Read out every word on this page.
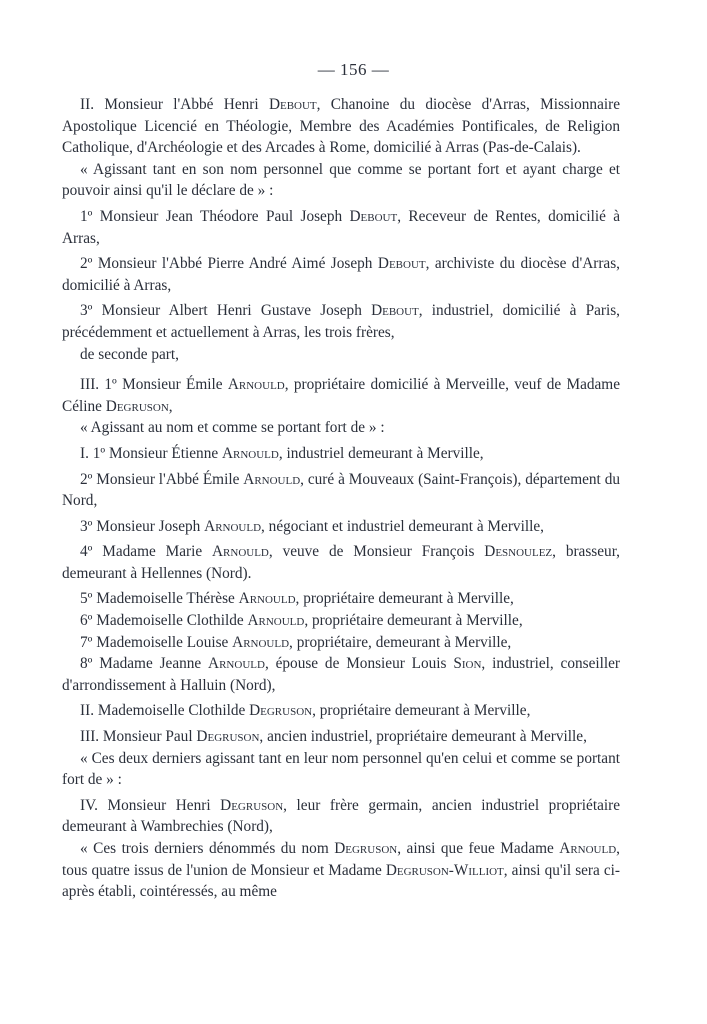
— 156 —

II. Monsieur l'Abbé Henri Debout, Chanoine du diocèse d'Arras, Missionnaire Apostolique Licencié en Théologie, Membre des Académies Pontificales, de Religion Catholique, d'Archéologie et des Arcades à Rome, domicilié à Arras (Pas-de-Calais).

« Agissant tant en son nom personnel que comme se portant fort et ayant charge et pouvoir ainsi qu'il le déclare de » :

1º Monsieur Jean Théodore Paul Joseph Debout, Receveur de Rentes, domicilié à Arras,

2º Monsieur l'Abbé Pierre André Aimé Joseph Debout, archiviste du diocèse d'Arras, domicilié à Arras,

3º Monsieur Albert Henri Gustave Joseph Debout, industriel, domicilié à Paris, précédemment et actuellement à Arras, les trois frères,

de seconde part,

III. 1º Monsieur Émile Arnould, propriétaire domicilié à Merveille, veuf de Madame Céline Degruson,

« Agissant au nom et comme se portant fort de » :

I. 1º Monsieur Étienne Arnould, industriel demeurant à Merville,

2º Monsieur l'Abbé Émile Arnould, curé à Mouveaux (Saint-François), département du Nord,

3º Monsieur Joseph Arnould, négociant et industriel demeurant à Merville,

4º Madame Marie Arnould, veuve de Monsieur François Desnoulez, brasseur, demeurant à Hellennes (Nord).

5º Mademoiselle Thérèse Arnould, propriétaire demeurant à Merville,

6º Mademoiselle Clothilde Arnould, propriétaire demeurant à Merville,

7º Mademoiselle Louise Arnould, propriétaire, demeurant à Merville,

8º Madame Jeanne Arnould, épouse de Monsieur Louis Sion, industriel, conseiller d'arrondissement à Halluin (Nord),

II. Mademoiselle Clothilde Degruson, propriétaire demeurant à Merville,

III. Monsieur Paul Degruson, ancien industriel, propriétaire demeurant à Merville,

« Ces deux derniers agissant tant en leur nom personnel qu'en celui et comme se portant fort de » :

IV. Monsieur Henri Degruson, leur frère germain, ancien industriel propriétaire demeurant à Wambrechies (Nord),

« Ces trois derniers dénommés du nom Degruson, ainsi que feue Madame Arnould, tous quatre issus de l'union de Monsieur et Madame Degruson-Williot, ainsi qu'il sera ci-après établi, cointéressés, au même
